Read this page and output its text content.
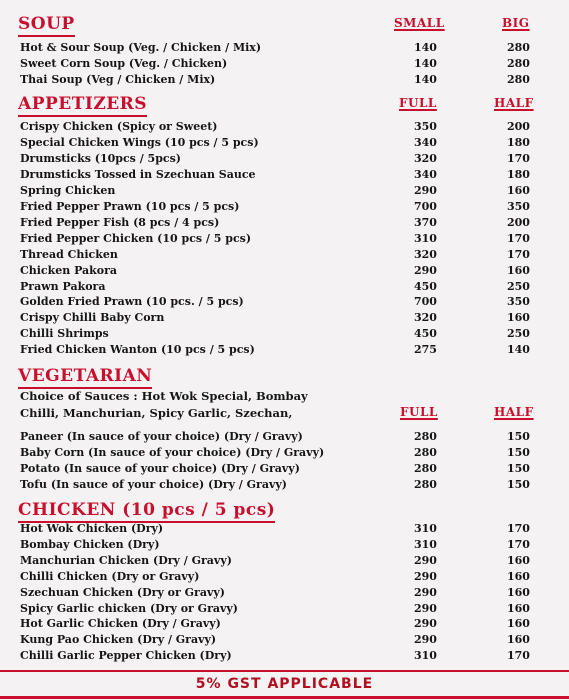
SOUP	SMALL	BIG
Hot & Sour Soup (Veg. / Chicken / Mix)	140	280
Sweet Corn Soup (Veg. / Chicken)	140	280
Thai Soup (Veg / Chicken / Mix)	140	280
APPETIZERS	FULL	HALF
Crispy Chicken (Spicy or Sweet)	350	200
Special Chicken Wings (10 pcs / 5 pcs)	340	180
Drumsticks (10pcs / 5pcs)	320	170
Drumsticks Tossed in Szechuan Sauce	340	180
Spring Chicken	290	160
Fried Pepper Prawn (10 pcs / 5 pcs)	700	350
Fried Pepper Fish (8 pcs / 4 pcs)	370	200
Fried Pepper Chicken (10 pcs / 5 pcs)	310	170
Thread Chicken	320	170
Chicken Pakora	290	160
Prawn Pakora	450	250
Golden Fried Prawn (10 pcs. / 5 pcs)	700	350
Crispy Chilli Baby Corn	320	160
Chilli Shrimps	450	250
Fried Chicken Wanton (10 pcs / 5 pcs)	275	140
VEGETARIAN
Choice of Sauces : Hot Wok Special, Bombay
Chilli, Manchurian, Spicy Garlic, Szechan,	FULL	HALF
Paneer (In sauce of your choice) (Dry / Gravy)	280	150
Baby Corn (In sauce of your choice) (Dry / Gravy)	280	150
Potato (In sauce of your choice) (Dry / Gravy)	280	150
Tofu (In sauce of your choice) (Dry / Gravy)	280	150
CHICKEN (10 pcs / 5 pcs)
Hot Wok Chicken (Dry)	310	170
Bombay Chicken (Dry)	310	170
Manchurian Chicken (Dry / Gravy)	290	160
Chilli Chicken (Dry or Gravy)	290	160
Szechuan Chicken (Dry or Gravy)	290	160
Spicy Garlic chicken (Dry or Gravy)	290	160
Hot Garlic Chicken (Dry / Gravy)	290	160
Kung Pao Chicken (Dry / Gravy)	290	160
Chilli Garlic Pepper Chicken (Dry)	310	170
5% GST APPLICABLE
